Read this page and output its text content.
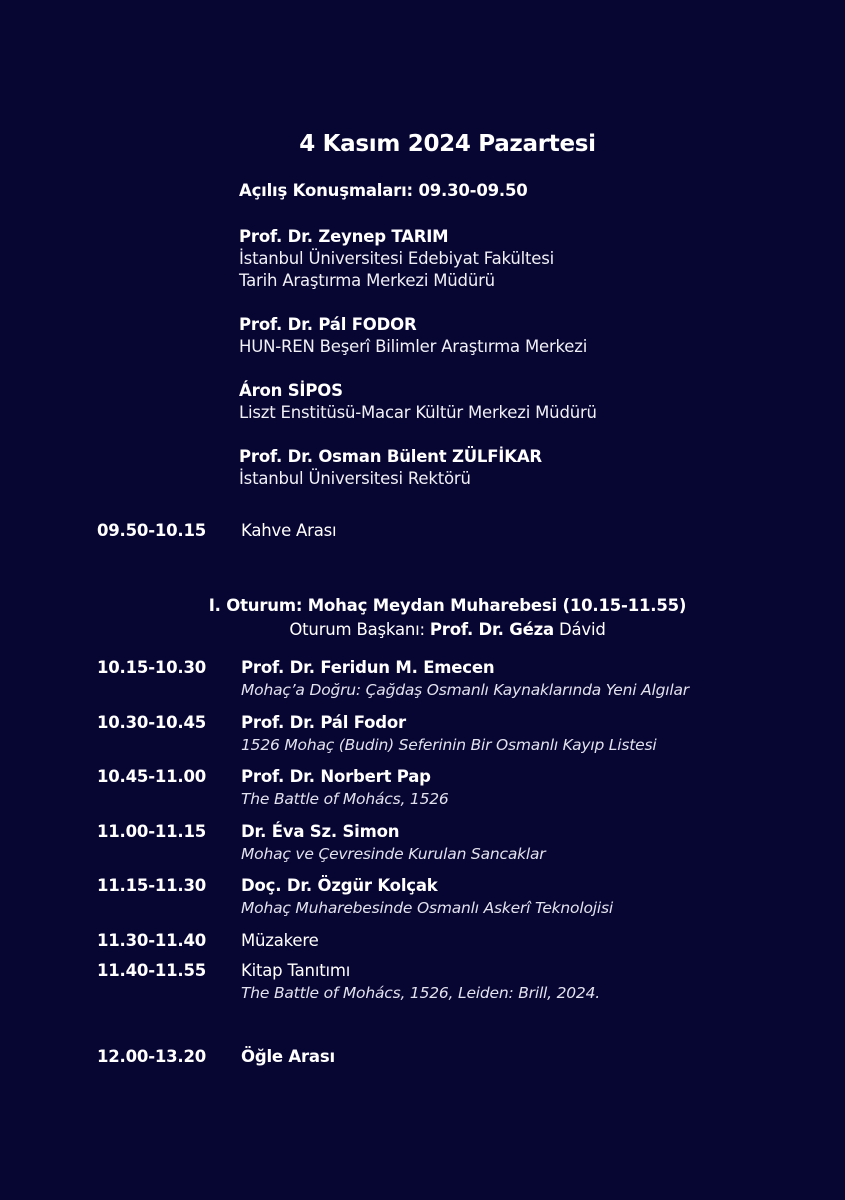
4 Kasım 2024 Pazartesi
Açılış Konuşmaları: 09.30-09.50
Prof. Dr. Zeynep TARIM
İstanbul Üniversitesi Edebiyat Fakültesi
Tarih Araştırma Merkezi Müdürü
Prof. Dr. Pál FODOR
HUN-REN Beşerî Bilimler Araştırma Merkezi
Áron SİPOS
Liszt Enstitüsü-Macar Kültür Merkezi Müdürü
Prof. Dr. Osman Bülent ZÜLFİKAR
İstanbul Üniversitesi Rektörü
09.50-10.15 Kahve Arası
I. Oturum: Mohaç Meydan Muharebesi (10.15-11.55)
Oturum Başkanı: Prof. Dr. Géza Dávid
10.15-10.30 Prof. Dr. Feridun M. Emecen
Mohaç’a Doğru: Çağdaş Osmanlı Kaynaklarında Yeni Algılar
10.30-10.45 Prof. Dr. Pál Fodor
1526 Mohaç (Budin) Seferinin Bir Osmanlı Kayıp Listesi
10.45-11.00 Prof. Dr. Norbert Pap
The Battle of Mohács, 1526
11.00-11.15 Dr. Éva Sz. Simon
Mohaç ve Çevresinde Kurulan Sancaklar
11.15-11.30 Doç. Dr. Özgür Kolçak
Mohaç Muharebesinde Osmanlı Askerî Teknolojisi
11.30-11.40 Müzakere
11.40-11.55 Kitap Tanıtımı
The Battle of Mohács, 1526, Leiden: Brill, 2024.
12.00-13.20 Öğle Arası
